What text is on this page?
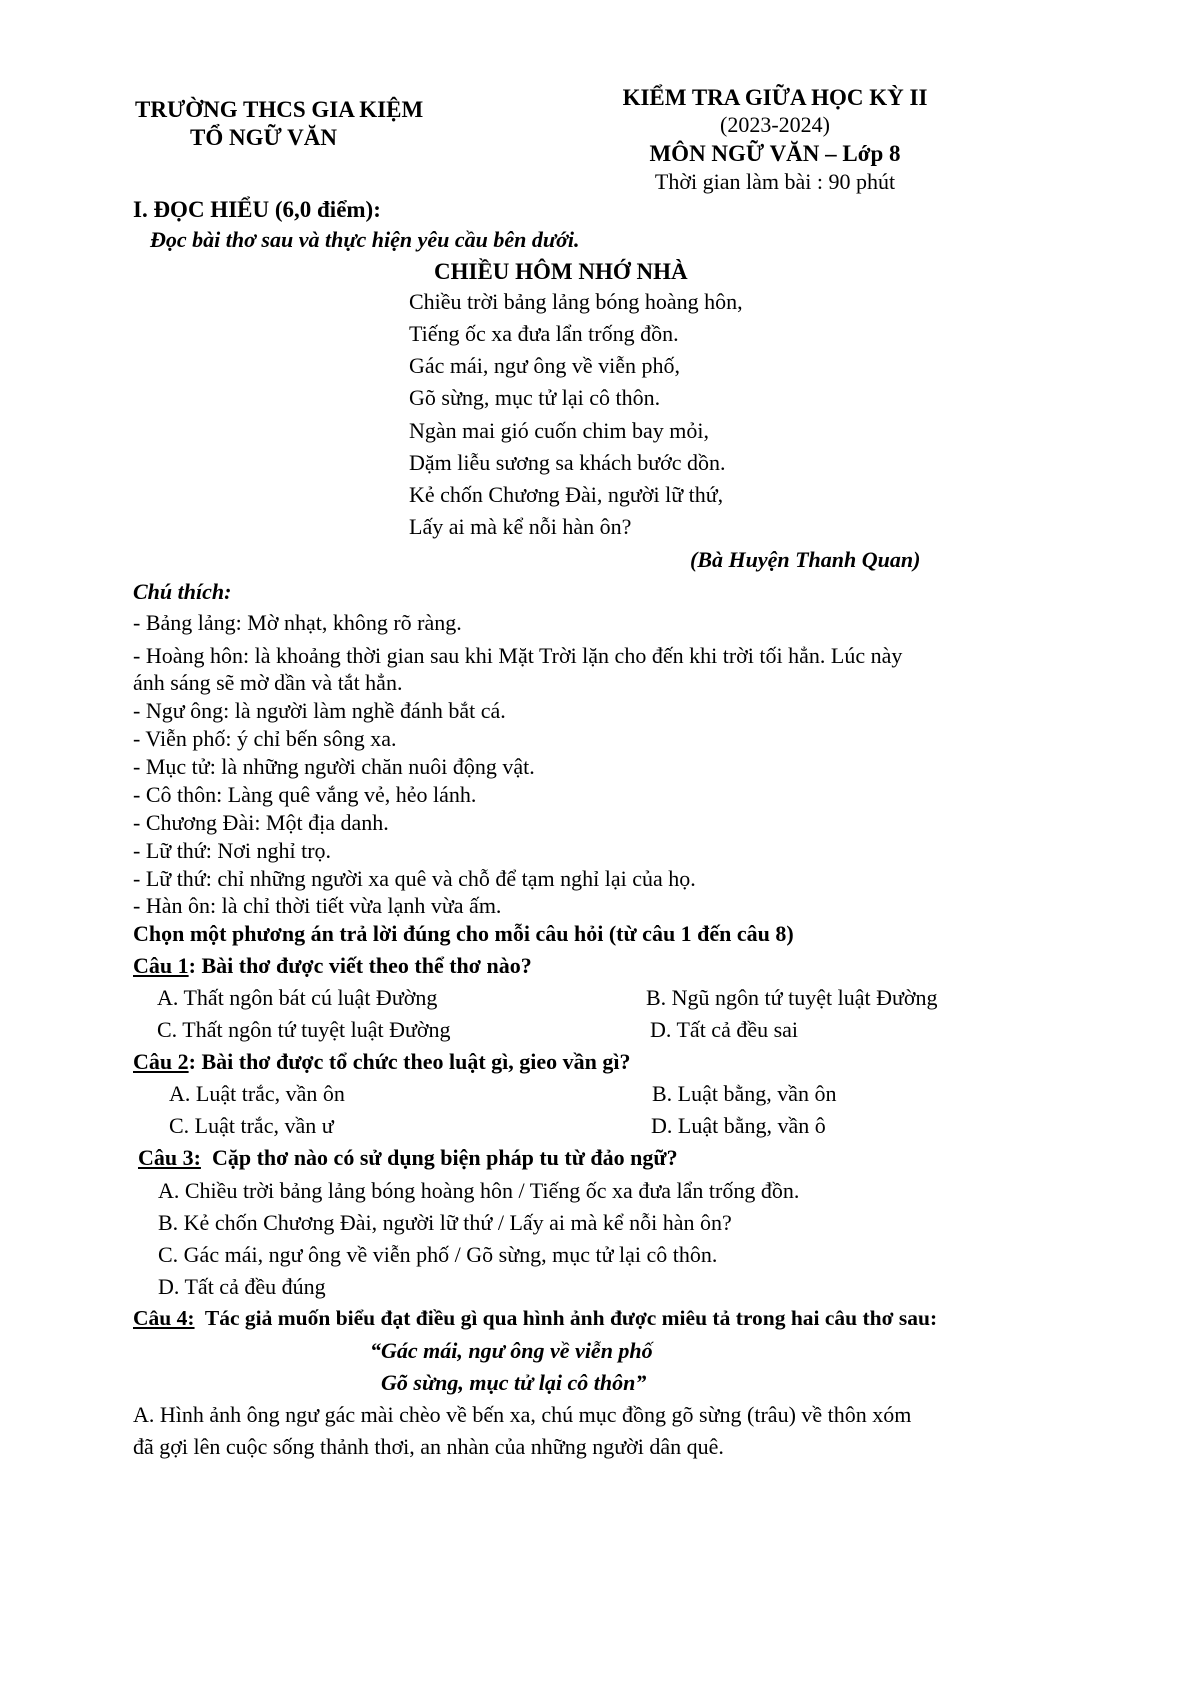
TRƯỜNG THCS GIA KIỆM
TỔ NGỮ VĂN
KIỂM TRA GIỮA HỌC KỲ II
(2023-2024)
MÔN NGỮ VĂN – Lớp 8
Thời gian làm bài : 90 phút
I. ĐỌC HIỂU (6,0 điểm):
Đọc bài thơ sau và thực hiện yêu cầu bên dưới.
CHIỀU HÔM NHỚ NHÀ
Chiều trời bảng lảng bóng hoàng hôn,
Tiếng ốc xa đưa lẩn trống đồn.
Gác mái, ngư ông về viễn phố,
Gõ sừng, mục tử lại cô thôn.
Ngàn mai gió cuốn chim bay mỏi,
Dặm liễu sương sa khách bước dồn.
Kẻ chốn Chương Đài, người lữ thứ,
Lấy ai mà kể nỗi hàn ôn?
(Bà Huyện Thanh Quan)
Chú thích:
- Bảng lảng: Mờ nhạt, không rõ ràng.
- Hoàng hôn: là khoảng thời gian sau khi Mặt Trời lặn cho đến khi trời tối hẳn. Lúc này
ánh sáng sẽ mờ dần và tắt hẳn.
- Ngư ông: là người làm nghề đánh bắt cá.
- Viễn phố: ý chỉ bến sông xa.
- Mục tử: là những người chăn nuôi động vật.
- Cô thôn: Làng quê vắng vẻ, hẻo lánh.
- Chương Đài: Một địa danh.
- Lữ thứ: Nơi nghỉ trọ.
- Lữ thứ: chỉ những người xa quê và chỗ để tạm nghỉ lại của họ.
- Hàn ôn: là chỉ thời tiết vừa lạnh vừa ấm.
Chọn một phương án trả lời đúng cho mỗi câu hỏi (từ câu 1 đến câu 8)
Câu 1: Bài thơ được viết theo thể thơ nào?
A. Thất ngôn bát cú luật Đường	B. Ngũ ngôn tứ tuyệt luật Đường
C. Thất ngôn tứ tuyệt luật Đường	D. Tất cả đều sai
Câu 2: Bài thơ được tổ chức theo luật gì, gieo vần gì?
A. Luật trắc, vần ôn	B. Luật bằng, vần ôn
C. Luật trắc, vần ư	D. Luật bằng, vần ô
Câu 3: Cặp thơ nào có sử dụng biện pháp tu từ đảo ngữ?
A. Chiều trời bảng lảng bóng hoàng hôn / Tiếng ốc xa đưa lẩn trống đồn.
B. Kẻ chốn Chương Đài, người lữ thứ / Lấy ai mà kể nỗi hàn ôn?
C. Gác mái, ngư ông về viễn phố / Gõ sừng, mục tử lại cô thôn.
D. Tất cả đều đúng
Câu 4: Tác giả muốn biểu đạt điều gì qua hình ảnh được miêu tả trong hai câu thơ sau:
“Gác mái, ngư ông về viễn phố
Gõ sừng, mục tử lại cô thôn”
A. Hình ảnh ông ngư gác mài chèo về bến xa, chú mục đồng gõ sừng (trâu) về thôn xóm
đã gợi lên cuộc sống thảnh thơi, an nhàn của những người dân quê.
